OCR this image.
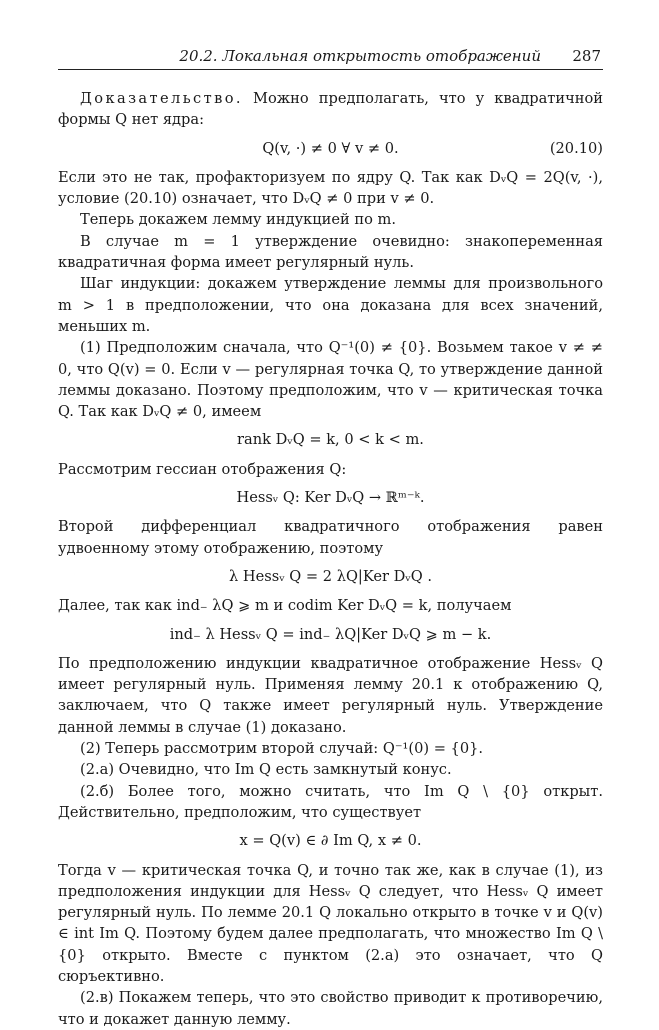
20.2. Локальная открытость отображений 287

Доказательство. Можно предполагать, что у квадратичной формы Q нет ядра:

Q(v, ·) ≠ 0 ∀ v ≠ 0.	(20.10)

Если это не так, профакторизуем по ядру Q. Так как DᵥQ = 2Q(v, ·), условие (20.10) означает, что DᵥQ ≠ 0 при v ≠ 0.

Теперь докажем лемму индукцией по m.

В случае m = 1 утверждение очевидно: знакопеременная квадратичная форма имеет регулярный нуль.

Шаг индукции: докажем утверждение леммы для произвольного m > 1 в предположении, что она доказана для всех значений, меньших m.

(1) Предположим сначала, что Q⁻¹(0) ≠ {0}. Возьмем такое v ≠ ≠ 0, что Q(v) = 0. Если v — регулярная точка Q, то утверждение данной леммы доказано. Поэтому предположим, что v — критическая точка Q. Так как DᵥQ ≠ 0, имеем

rank DᵥQ = k, 0 < k < m.

Рассмотрим гессиан отображения Q:

Hessᵥ Q: Ker DᵥQ → ℝᵐ⁻ᵏ.

Второй дифференциал квадратичного отображения равен удвоенному этому отображению, поэтому

λ Hessᵥ Q = 2 λQ|Ker DᵥQ .

Далее, так как ind₋ λQ ⩾ m и codim Ker DᵥQ = k, получаем

ind₋ λ Hessᵥ Q = ind₋ λQ|Ker DᵥQ ⩾ m − k.

По предположению индукции квадратичное отображение Hessᵥ Q имеет регулярный нуль. Применяя лемму 20.1 к отображению Q, заключаем, что Q также имеет регулярный нуль. Утверждение данной леммы в случае (1) доказано.

(2) Теперь рассмотрим второй случай: Q⁻¹(0) = {0}.

(2.а) Очевидно, что Im Q есть замкнутый конус.

(2.б) Более того, можно считать, что Im Q \ {0} открыт. Действительно, предположим, что существует

x = Q(v) ∈ ∂ Im Q, x ≠ 0.

Тогда v — критическая точка Q, и точно так же, как в случае (1), из предположения индукции для Hessᵥ Q следует, что Hessᵥ Q имеет регулярный нуль. По лемме 20.1 Q локально открыто в точке v и Q(v) ∈ int Im Q. Поэтому будем далее предполагать, что множество Im Q \ {0} открыто. Вместе с пунктом (2.а) это означает, что Q сюръективно.

(2.в) Покажем теперь, что это свойство приводит к противоречию, что и докажет данную лемму.
